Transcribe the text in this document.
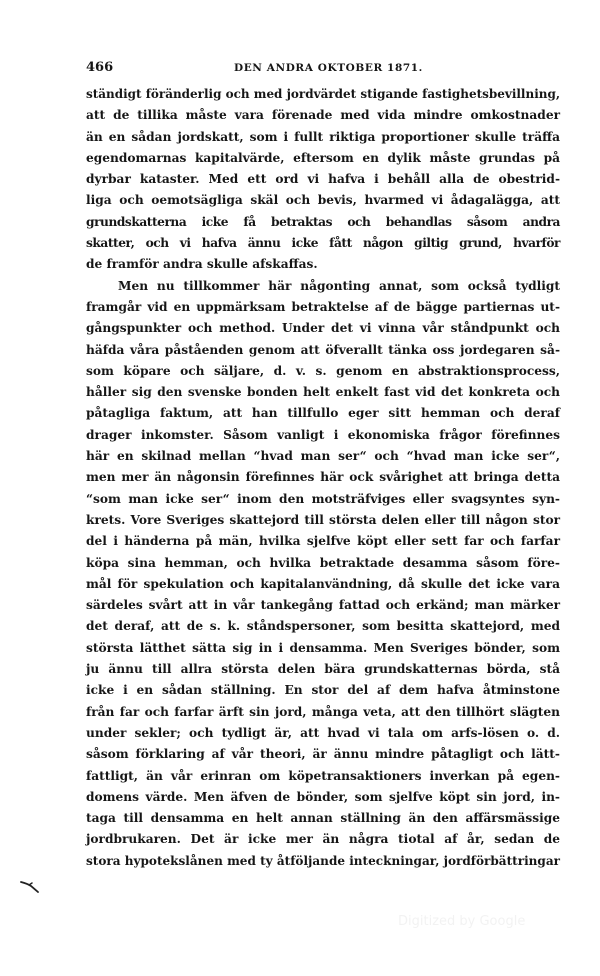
466	DEN ANDRA OKTOBER 1871.
ständigt föränderlig och med jordvärdet stigande fastighetsbevillning,
att de tillika måste vara förenade med vida mindre omkostnader
än en sådan jordskatt, som i fullt riktiga proportioner skulle träffa
egendomarnas kapitalvärde, eftersom en dylik måste grundas på
dyrbar kataster. Med ett ord vi hafva i behåll alla de obestrid-
liga och oemotsägliga skäl och bevis, hvarmed vi ådagalägga, att
grundskatterna icke få betraktas och behandlas såsom andra
skatter, och vi hafva ännu icke fått någon giltig grund, hvarför
de framför andra skulle afskaffas.
Men nu tillkommer här någonting annat, som också tydligt
framgår vid en uppmärksam betraktelse af de bägge partiernas ut-
gångspunkter och method. Under det vi vinna vår ståndpunkt och
häfda våra påståenden genom att öfverallt tänka oss jordegaren så-
som köpare och säljare, d. v. s. genom en abstraktionsprocess,
håller sig den svenske bonden helt enkelt fast vid det konkreta och
påtagliga faktum, att han tillfullo eger sitt hemman och deraf
drager inkomster. Såsom vanligt i ekonomiska frågor förefinnes
här en skilnad mellan “hvad man ser“ och “hvad man icke ser“,
men mer än någonsin förefinnes här ock svårighet att bringa detta
“som man icke ser“ inom den motsträfviges eller svagsyntes syn-
krets. Vore Sveriges skattejord till största delen eller till någon stor
del i händerna på män, hvilka sjelfve köpt eller sett far och farfar
köpa sina hemman, och hvilka betraktade desamma såsom före-
mål för spekulation och kapitalanvändning, då skulle det icke vara
särdeles svårt att in vår tankegång fattad och erkänd; man märker
det deraf, att de s. k. ståndspersoner, som besitta skattejord, med
största lätthet sätta sig in i densamma. Men Sveriges bönder, som
ju ännu till allra största delen bära grundskatternas börda, stå
icke i en sådan ställning. En stor del af dem hafva åtminstone
från far och farfar ärft sin jord, många veta, att den tillhört slägten
under sekler; och tydligt är, att hvad vi tala om arfs-lösen o. d.
såsom förklaring af vår theori, är ännu mindre påtagligt och lätt-
fattligt, än vår erinran om köpetransaktioners inverkan på egen-
domens värde. Men äfven de bönder, som sjelfve köpt sin jord, in-
taga till densamma en helt annan ställning än den affärsmässige
jordbrukaren. Det är icke mer än några tiotal af år, sedan de
stora hypotekslånen med ty åtföljande inteckningar, jordförbättringar
Digitized by Google
